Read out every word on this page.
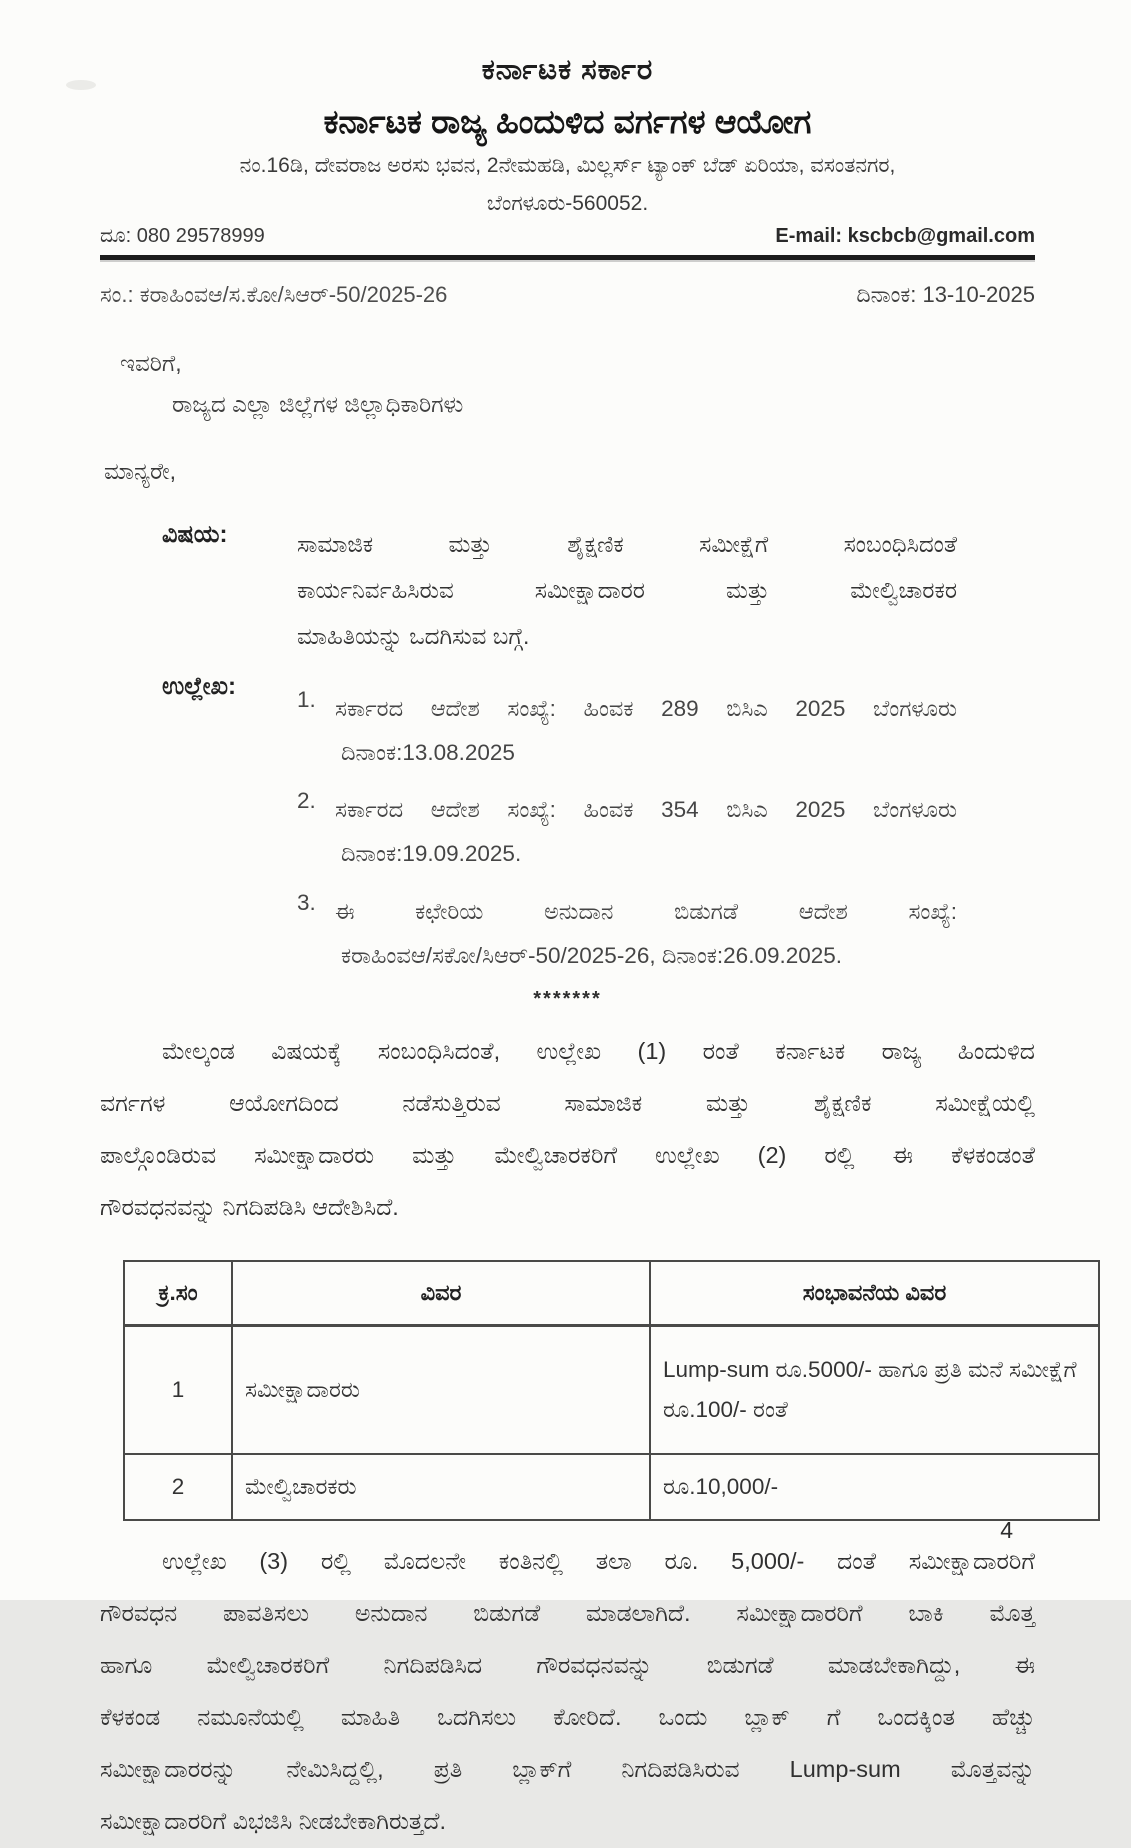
ಕರ್ನಾಟಕ ಸರ್ಕಾರ
ಕರ್ನಾಟಕ ರಾಜ್ಯ ಹಿಂದುಳಿದ ವರ್ಗಗಳ ಆಯೋಗ
ನಂ.16ಡಿ, ದೇವರಾಜ ಅರಸು ಭವನ, 2ನೇಮಹಡಿ, ಮಿಲ್ಲರ್ಸ್ ಟ್ಯಾಂಕ್ ಬೆಡ್ ಏರಿಯಾ, ವಸಂತನಗರ,
ಬೆಂಗಳೂರು-560052.
ದೂ: 080 29578999	E-mail: kscbcb@gmail.com
ಸಂ.: ಕರಾಹಿಂವಆ/ಸ.ಕೋ/ಸಿಆರ್-50/2025-26	ದಿನಾಂಕ: 13-10-2025
ಇವರಿಗೆ,
ರಾಜ್ಯದ ಎಲ್ಲಾ ಜಿಲ್ಲೆಗಳ ಜಿಲ್ಲಾಧಿಕಾರಿಗಳು
ಮಾನ್ಯರೇ,
ವಿಷಯ:	ಸಾಮಾಜಿಕ ಮತ್ತು ಶೈಕ್ಷಣಿಕ ಸಮೀಕ್ಷೆಗೆ ಸಂಬಂಧಿಸಿದಂತೆ
ಕಾರ್ಯನಿರ್ವಹಿಸಿರುವ ಸಮೀಕ್ಷಾದಾರರ ಮತ್ತು ಮೇಲ್ವಿಚಾರಕರ
ಮಾಹಿತಿಯನ್ನು ಒದಗಿಸುವ ಬಗ್ಗೆ.
ಉಲ್ಲೇಖ:	1. ಸರ್ಕಾರದ ಆದೇಶ ಸಂಖ್ಯೆ: ಹಿಂವಕ 289 ಬಿಸಿಎ 2025 ಬೆಂಗಳೂರು
ದಿನಾಂಕ:13.08.2025
2. ಸರ್ಕಾರದ ಆದೇಶ ಸಂಖ್ಯೆ: ಹಿಂವಕ 354 ಬಿಸಿಎ 2025 ಬೆಂಗಳೂರು
ದಿನಾಂಕ:19.09.2025.
3. ಈ ಕಛೇರಿಯ ಅನುದಾನ ಬಿಡುಗಡೆ ಆದೇಶ ಸಂಖ್ಯೆ:
ಕರಾಹಿಂವಆ/ಸಕೋ/ಸಿಆರ್-50/2025-26, ದಿನಾಂಕ:26.09.2025.
*******
ಮೇಲ್ಕಂಡ ವಿಷಯಕ್ಕೆ ಸಂಬಂಧಿಸಿದಂತೆ, ಉಲ್ಲೇಖ (1) ರಂತೆ ಕರ್ನಾಟಕ ರಾಜ್ಯ ಹಿಂದುಳಿದ
ವರ್ಗಗಳ ಆಯೋಗದಿಂದ ನಡೆಸುತ್ತಿರುವ ಸಾಮಾಜಿಕ ಮತ್ತು ಶೈಕ್ಷಣಿಕ ಸಮೀಕ್ಷೆಯಲ್ಲಿ
ಪಾಲ್ಗೊಂಡಿರುವ ಸಮೀಕ್ಷಾದಾರರು ಮತ್ತು ಮೇಲ್ವಿಚಾರಕರಿಗೆ ಉಲ್ಲೇಖ (2) ರಲ್ಲಿ ಈ ಕೆಳಕಂಡಂತೆ
ಗೌರವಧನವನ್ನು ನಿಗದಿಪಡಿಸಿ ಆದೇಶಿಸಿದೆ.
ಕ್ರ.ಸಂ	ವಿವರ	ಸಂಭಾವನೆಯ ವಿವರ
1	ಸಮೀಕ್ಷಾದಾರರು	Lump-sum ರೂ.5000/- ಹಾಗೂ ಪ್ರತಿ ಮನೆ ಸಮೀಕ್ಷೆಗೆ ರೂ.100/- ರಂತೆ
2	ಮೇಲ್ವಿಚಾರಕರು	ರೂ.10,000/-
ಉಲ್ಲೇಖ (3) ರಲ್ಲಿ ಮೊದಲನೇ ಕಂತಿನಲ್ಲಿ ತಲಾ ರೂ. 5,000/- ದಂತೆ ಸಮೀಕ್ಷಾದಾರರಿಗೆ
ಗೌರವಧನ ಪಾವತಿಸಲು ಅನುದಾನ ಬಿಡುಗಡೆ ಮಾಡಲಾಗಿದೆ. ಸಮೀಕ್ಷಾದಾರರಿಗೆ ಬಾಕಿ ಮೊತ್ತ
ಹಾಗೂ ಮೇಲ್ವಿಚಾರಕರಿಗೆ ನಿಗದಿಪಡಿಸಿದ ಗೌರವಧನವನ್ನು ಬಿಡುಗಡೆ ಮಾಡಬೇಕಾಗಿದ್ದು, ಈ
ಕೆಳಕಂಡ ನಮೂನೆಯಲ್ಲಿ ಮಾಹಿತಿ ಒದಗಿಸಲು ಕೋರಿದೆ. ಒಂದು ಬ್ಲಾಕ್ ಗೆ ಒಂದಕ್ಕಿಂತ ಹೆಚ್ಚು
ಸಮೀಕ್ಷಾದಾರರನ್ನು ನೇಮಿಸಿದ್ದಲ್ಲಿ, ಪ್ರತಿ ಬ್ಲಾಕ್‌ಗೆ ನಿಗದಿಪಡಿಸಿರುವ Lump-sum ಮೊತ್ತವನ್ನು
ಸಮೀಕ್ಷಾದಾರರಿಗೆ ವಿಭಜಿಸಿ ನೀಡಬೇಕಾಗಿರುತ್ತದೆ.
4
